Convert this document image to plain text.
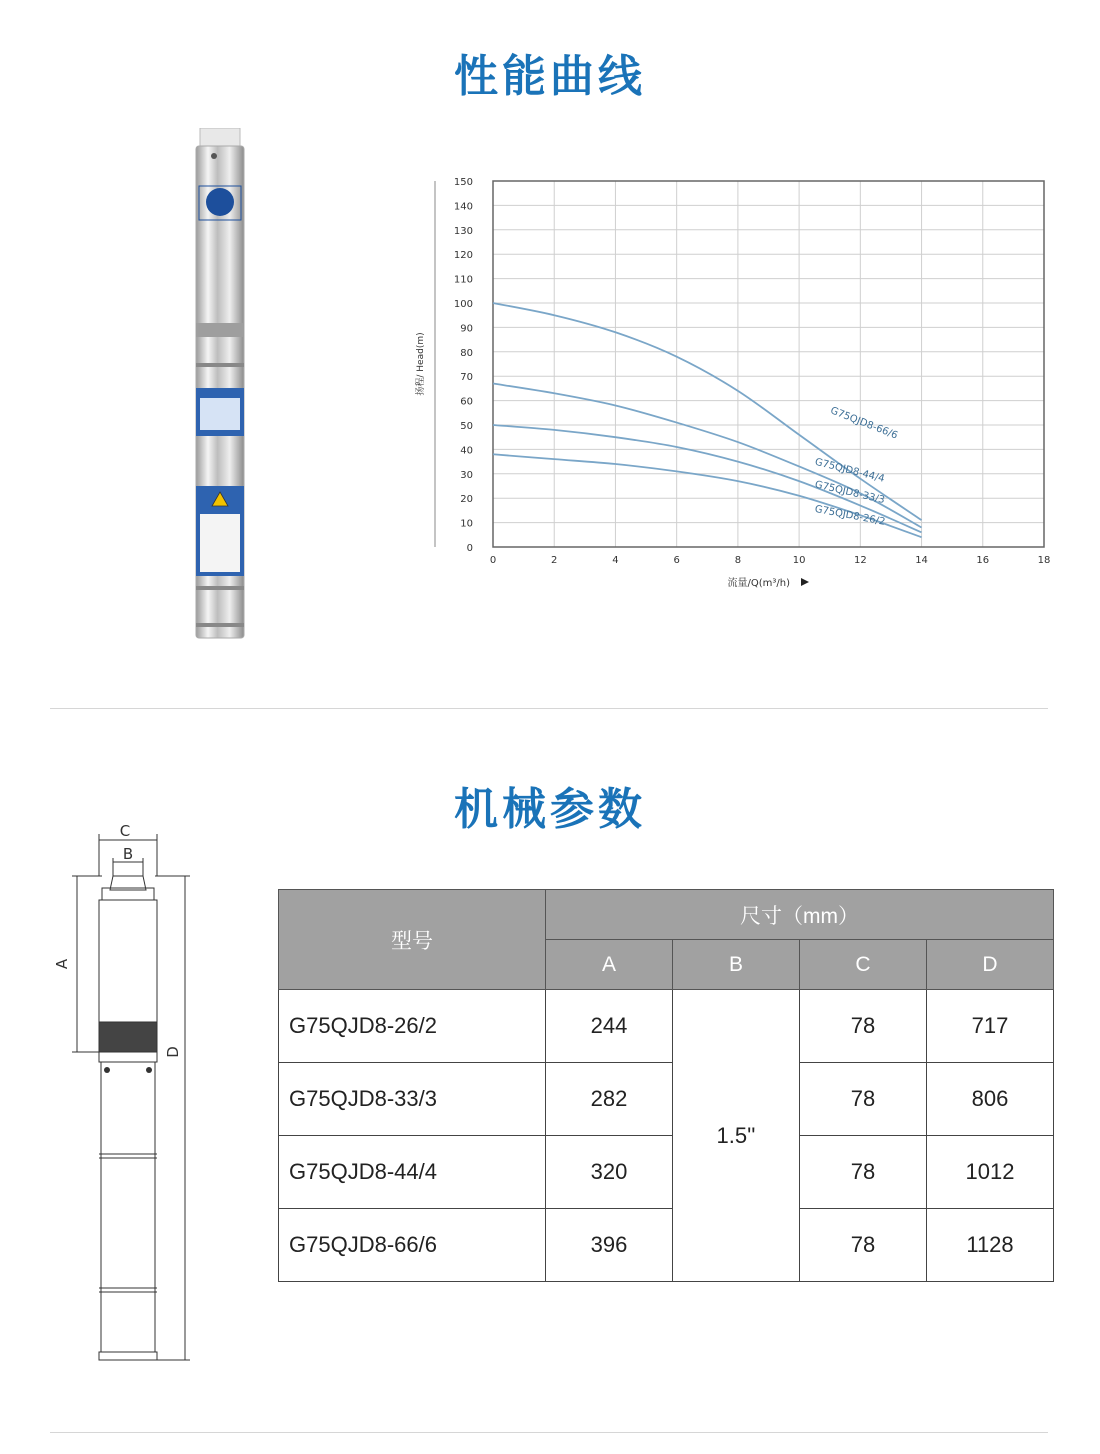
性能曲线
0
10
20
30
40
50
60
70
80
90
100
110
120
130
140
150
0	2	4	6	8	10	12	14	16	18
G75QJD8-66/6
G75QJD8-44/4
G75QJD8-33/3
G75QJD8-26/2
扬程/ Head(m)
流量/Q(m³/h)
机械参数
C
B
A
D
型号	尺寸（mm）			
	A	B	C	D
G75QJD8-26/2	244	1.5''	78	717
G75QJD8-33/3	282		78	806
G75QJD8-44/4	320		78	1012
G75QJD8-66/6	396		78	1128
